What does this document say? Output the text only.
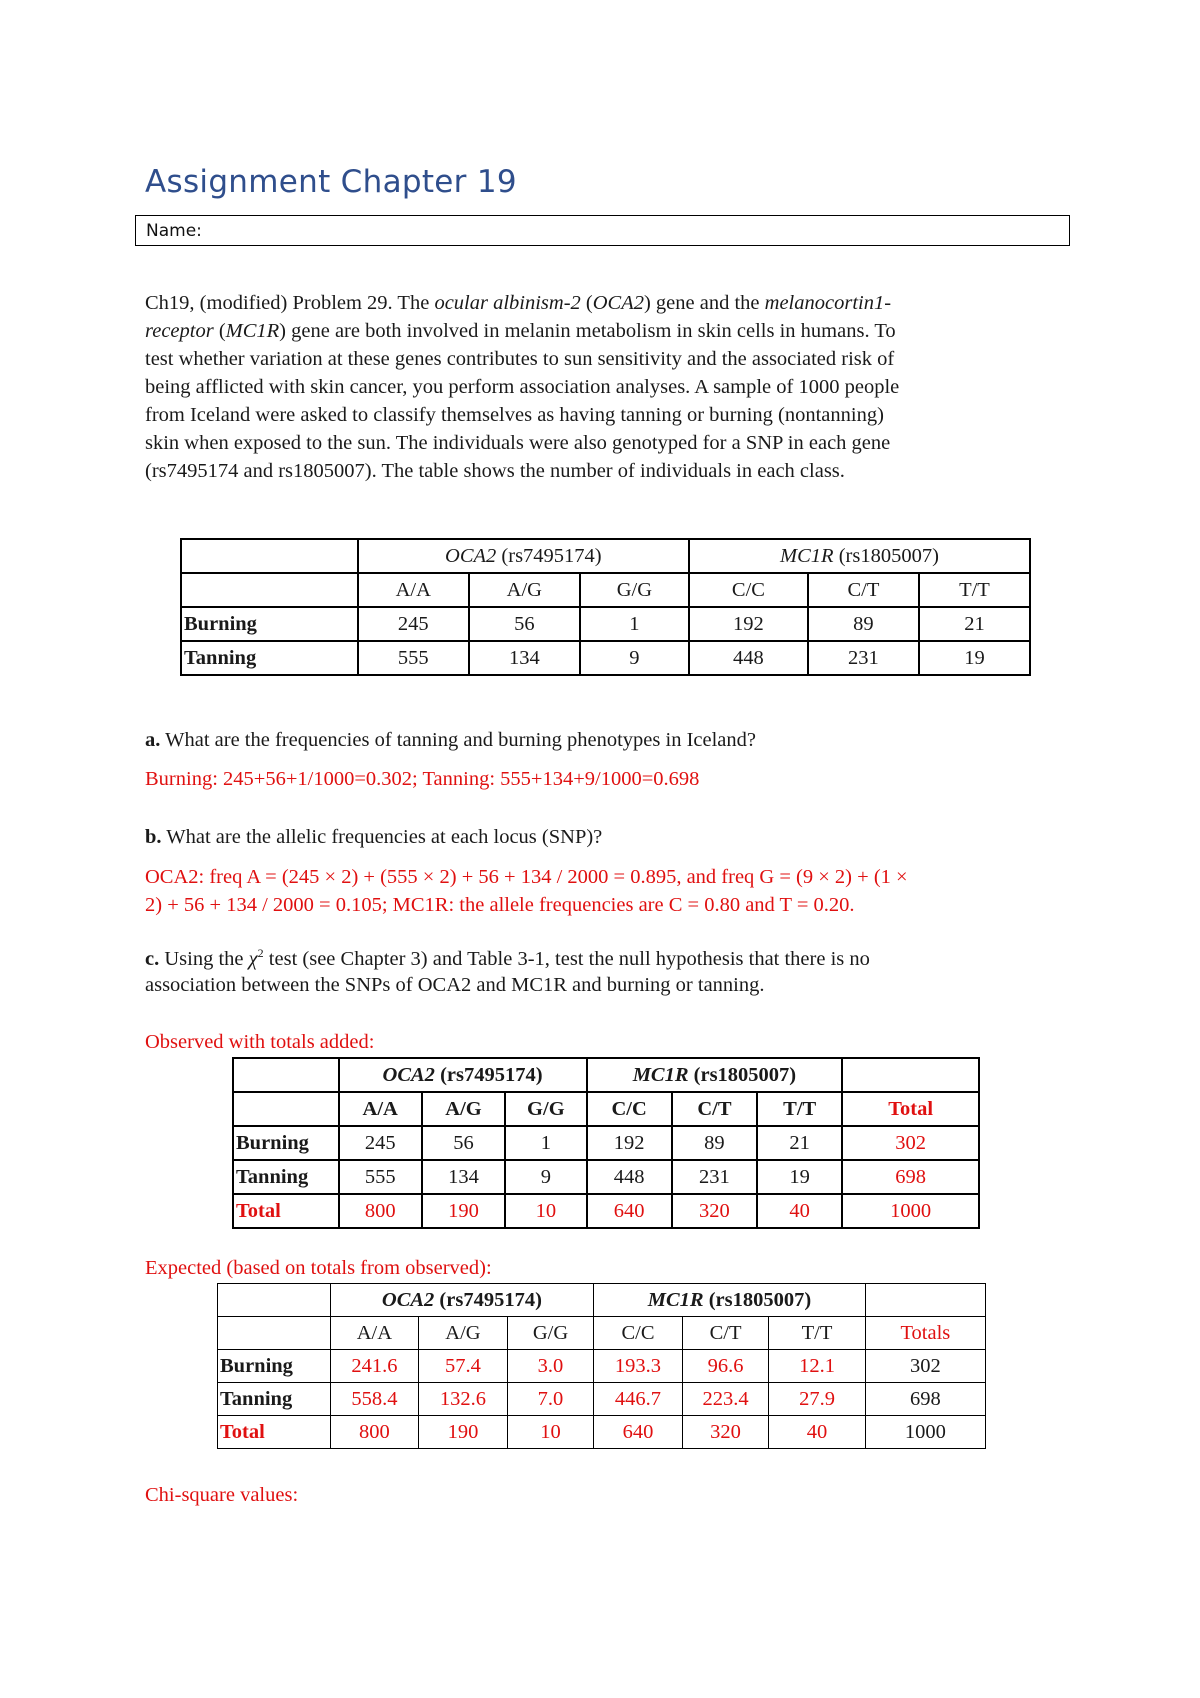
Assignment Chapter 19
Name:

Ch19, (modified) Problem 29. The ocular albinism-2 (OCA2) gene and the melanocortin1-

receptor (MC1R) gene are both involved in melanin metabolism in skin cells in humans. To

test whether variation at these genes contributes to sun sensitivity and the associated risk of

being afflicted with skin cancer, you perform association analyses. A sample of 1000 people

from Iceland were asked to classify themselves as having tanning or burning (nontanning)

skin when exposed to the sun. The individuals were also genotyped for a SNP in each gene

(rs7495174 and rs1805007). The table shows the number of individuals in each class.

	OCA2 (rs7495174)			MC1R (rs1805007)		
	A/A	A/G	G/G	C/C	C/T	T/T
Burning	245	56	1	192	89	21
Tanning	555	134	9	448	231	19
a. What are the frequencies of tanning and burning phenotypes in Iceland?
Burning: 245+56+1/1000=0.302; Tanning: 555+134+9/1000=0.698
b. What are the allelic frequencies at each locus (SNP)?
OCA2: freq A = (245 × 2) + (555 × 2) + 56 + 134 / 2000 = 0.895, and freq G = (9 × 2) + (1 ×
2) + 56 + 134 / 2000 = 0.105; MC1R: the allele frequencies are C = 0.80 and T = 0.20.
c. Using the $\chi^2$ test (see Chapter 3) and Table 3-1, test the null hypothesis that there is no
association between the SNPs of OCA2 and MC1R and burning or tanning.
Observed with totals added:
	OCA2 (rs7495174)			MC1R (rs1805007)			
	A/A	A/G	G/G	C/C	C/T	T/T	Total
Burning	245	56	1	192	89	21	302
Tanning	555	134	9	448	231	19	698
Total	800	190	10	640	320	40	1000
Expected (based on totals from observed):
	OCA2 (rs7495174)			MC1R (rs1805007)			
	A/A	A/G	G/G	C/C	C/T	T/T	Totals
Burning	241.6	57.4	3.0	193.3	96.6	12.1	302
Tanning	558.4	132.6	7.0	446.7	223.4	27.9	698
Total	800	190	10	640	320	40	1000
Chi-square values:
